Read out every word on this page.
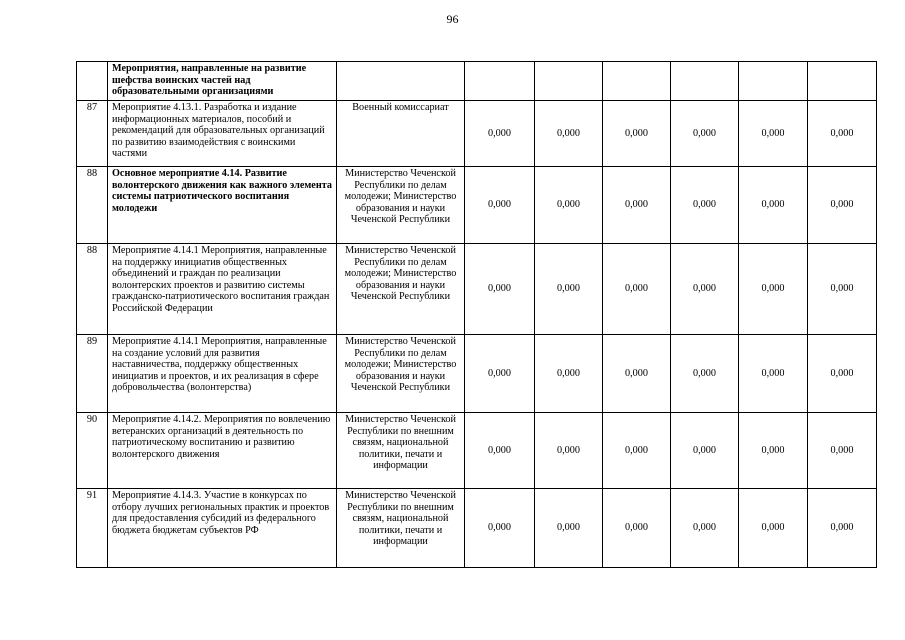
96
	Мероприятия, направленные на развитие шефства воинских частей над образовательными организациями							
87	Мероприятие 4.13.1. Разработка и издание информационных материалов, пособий и рекомендаций для образовательных организаций по развитию взаимодействия с воинскими частями	Военный комиссариат	0,000	0,000	0,000	0,000	0,000	0,000
88	Основное мероприятие 4.14. Развитие волонтерского движения как важного элемента системы патриотического воспитания молодежи	Министерство Чеченской Республики по делам молодежи; Министерство образования и науки Чеченской Республики	0,000	0,000	0,000	0,000	0,000	0,000
88	Мероприятие 4.14.1 Мероприятия, направленные на поддержку инициатив общественных объединений и граждан по реализации волонтерских проектов и развитию системы гражданско-патриотического воспитания граждан Российской Федерации	Министерство Чеченской Республики по делам молодежи; Министерство образования и науки Чеченской Республики	0,000	0,000	0,000	0,000	0,000	0,000
89	Мероприятие 4.14.1 Мероприятия, направленные на создание условий для развития наставничества, поддержку общественных инициатив и проектов, и их реализация в сфере добровольчества (волонтерства)	Министерство Чеченской Республики по делам молодежи; Министерство образования и науки Чеченской Республики	0,000	0,000	0,000	0,000	0,000	0,000
90	Мероприятие 4.14.2. Мероприятия по вовлечению ветеранских организаций в деятельность по патриотическому воспитанию и развитию волонтерского движения	Министерство Чеченской Республики по внешним связям, национальной политики, печати и информации	0,000	0,000	0,000	0,000	0,000	0,000
91	Мероприятие 4.14.3. Участие в конкурсах по отбору лучших региональных практик и проектов для предоставления субсидий из федерального бюджета бюджетам субъектов РФ	Министерство Чеченской Республики по внешним связям, национальной политики, печати и информации	0,000	0,000	0,000	0,000	0,000	0,000
